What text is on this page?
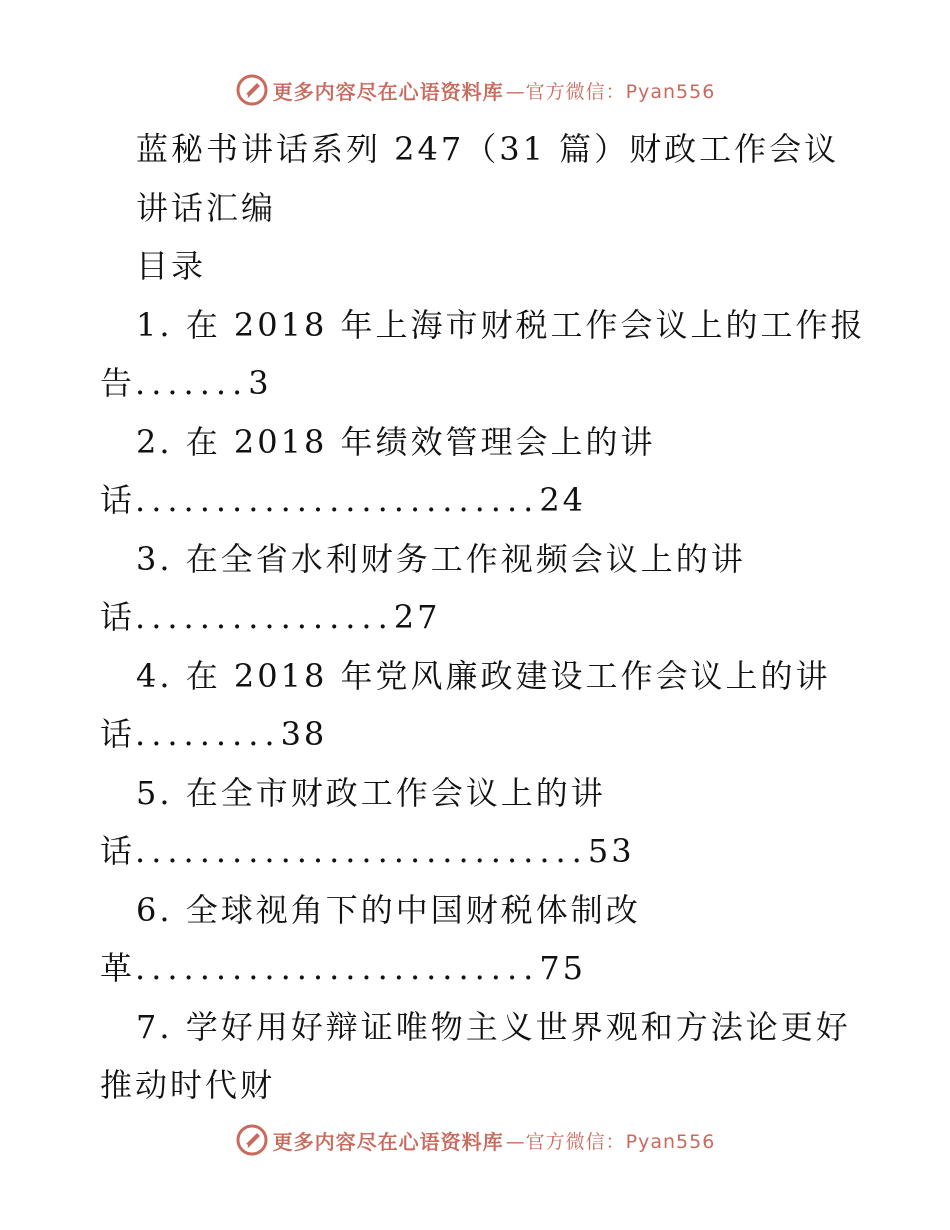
更多内容尽在心语资料库 —官方微信：Pyan556
蓝秘书讲话系列 247（31 篇）财政工作会议
讲话汇编
目录
1. 在 2018 年上海市财税工作会议上的工作报
告.......3
2. 在 2018 年绩效管理会上的讲
话.........................24
3. 在全省水利财务工作视频会议上的讲
话................27
4. 在 2018 年党风廉政建设工作会议上的讲
话.........38
5. 在全市财政工作会议上的讲
话............................53
6. 全球视角下的中国财税体制改
革.........................75
7. 学好用好辩证唯物主义世界观和方法论更好
推动时代财
更多内容尽在心语资料库 —官方微信：Pyan556
